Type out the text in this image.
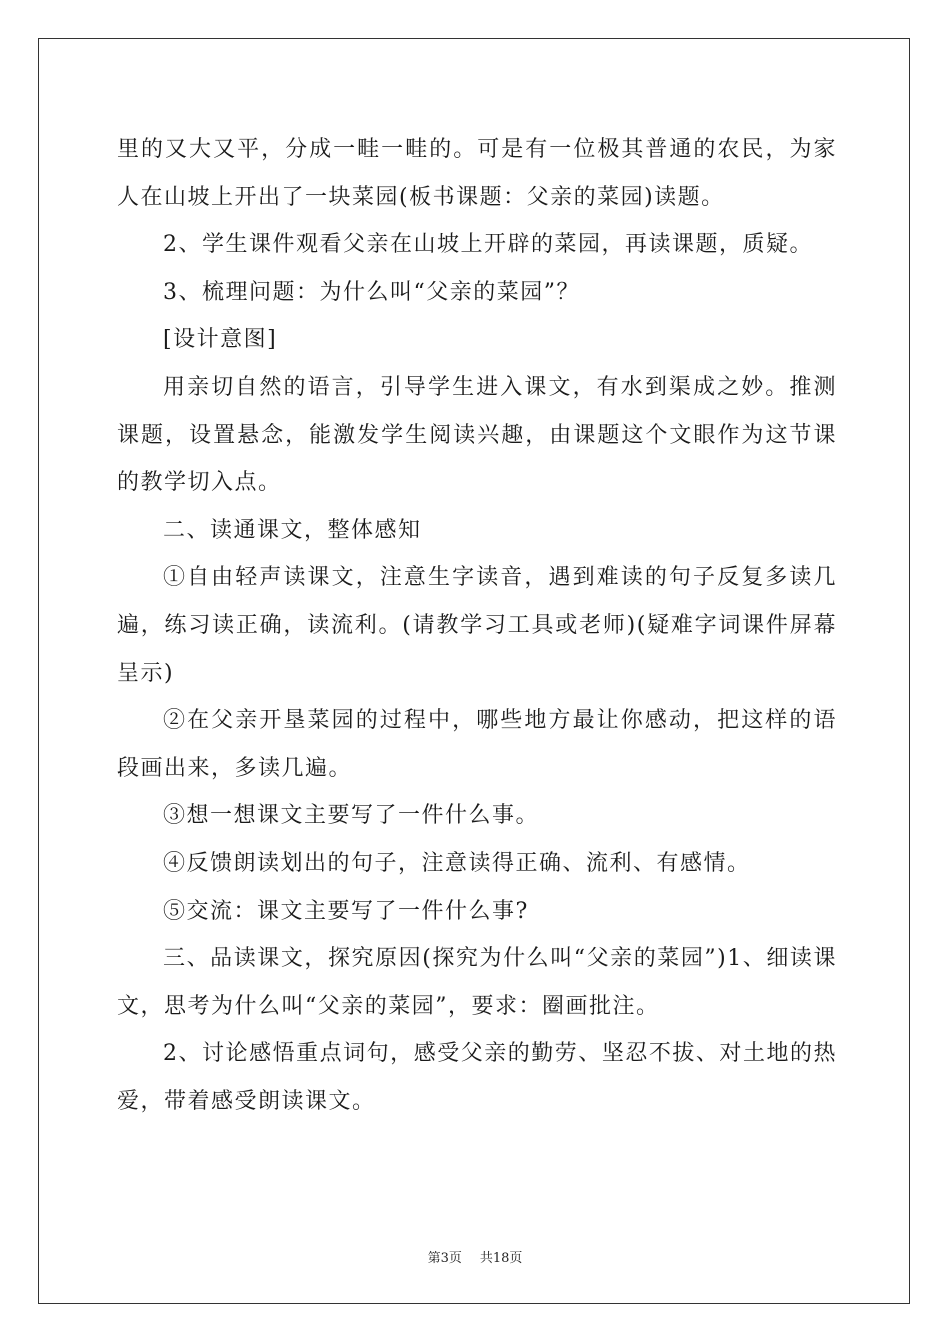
里的又大又平，分成一畦一畦的。可是有一位极其普通的农民，为家人在山坡上开出了一块菜园(板书课题：父亲的菜园)读题。

2、学生课件观看父亲在山坡上开辟的菜园，再读课题，质疑。

3、梳理问题：为什么叫“父亲的菜园”？

[设计意图]

用亲切自然的语言，引导学生进入课文，有水到渠成之妙。推测课题，设置悬念，能激发学生阅读兴趣，由课题这个文眼作为这节课的教学切入点。

二、读通课文，整体感知

①自由轻声读课文，注意生字读音，遇到难读的句子反复多读几遍，练习读正确，读流利。(请教学习工具或老师)(疑难字词课件屏幕呈示)

②在父亲开垦菜园的过程中，哪些地方最让你感动，把这样的语段画出来，多读几遍。

③想一想课文主要写了一件什么事。

④反馈朗读划出的句子，注意读得正确、流利、有感情。

⑤交流：课文主要写了一件什么事?

三、品读课文，探究原因(探究为什么叫“父亲的菜园”)1、细读课文，思考为什么叫“父亲的菜园”，要求：圈画批注。

2、讨论感悟重点词句，感受父亲的勤劳、坚忍不拔、对土地的热爱，带着感受朗读课文。

第3页 共18页
